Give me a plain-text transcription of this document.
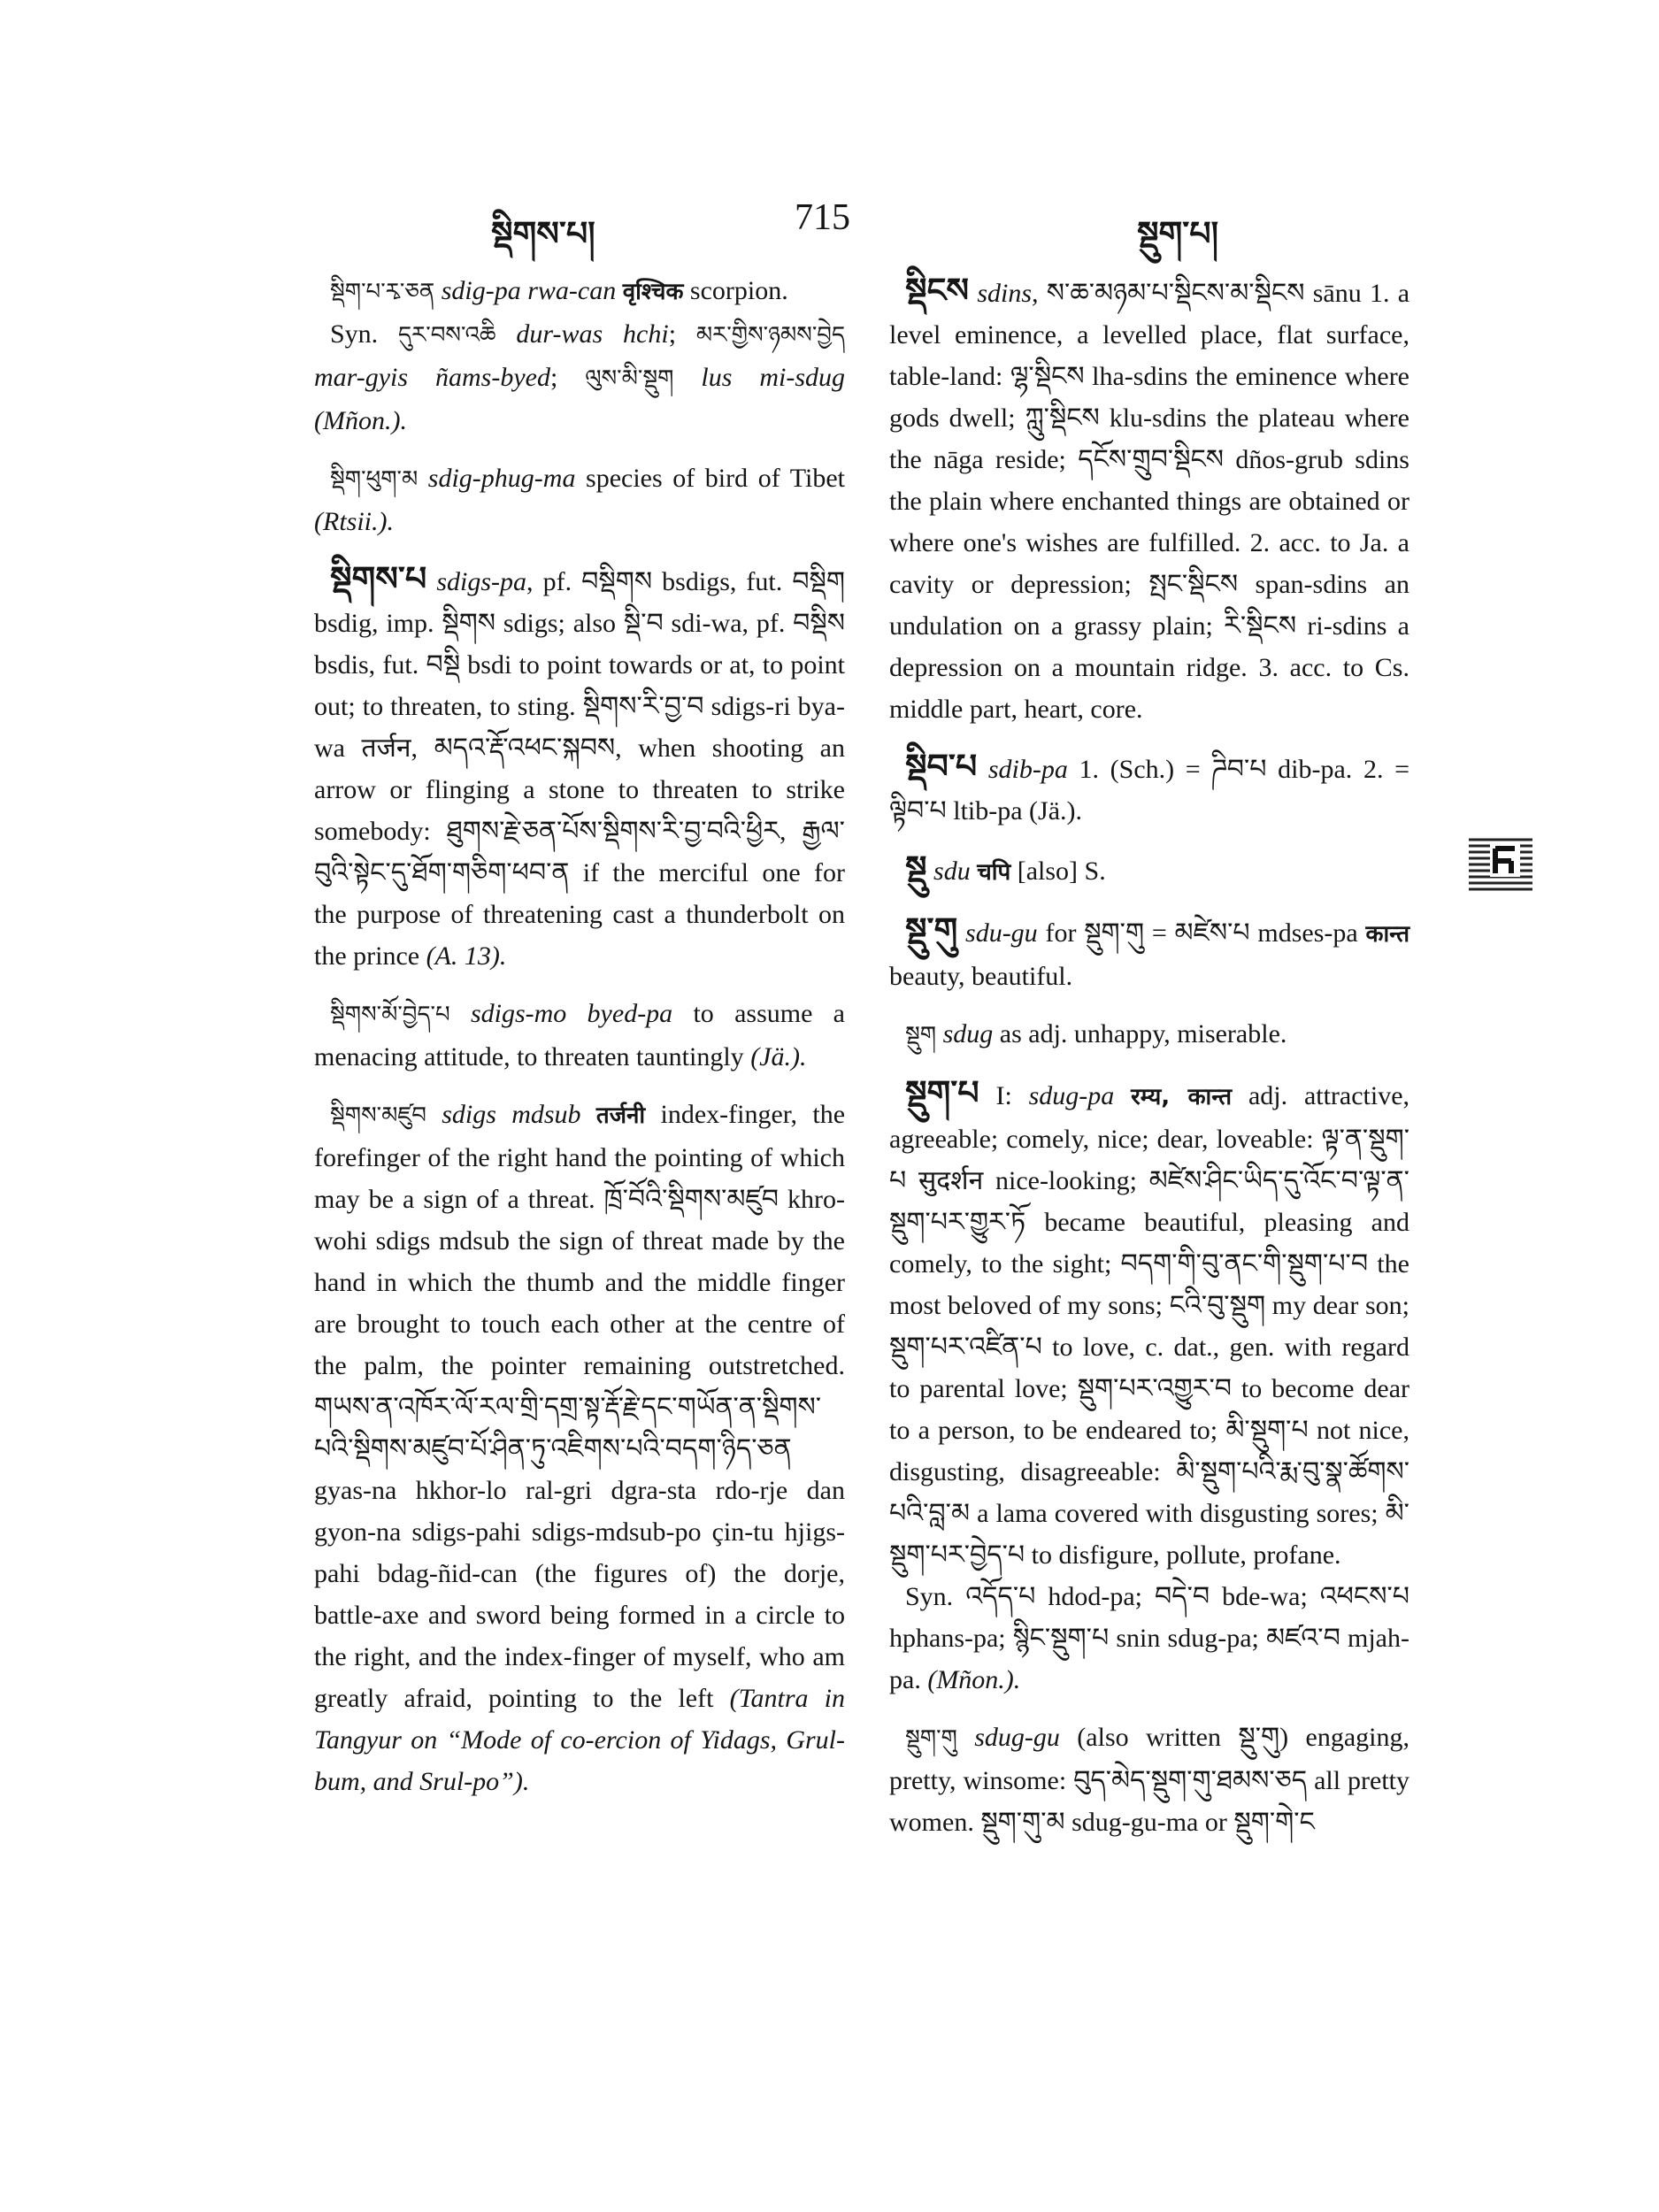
སྡིགས་པ།	715	སྡུག་པ།

སྡིག་པ་རྭ་ཅན sdig-pa rwa-can वृश्चिक scorpion.

Syn. དུར་བས་འཆི dur-was hchi; མར་གྱིས་ཉམས་བྱེད mar-gyis ñams-byed; ལུས་མི་སྡུག lus mi-sdug (Mñon.).

སྡིག་ཕུག་མ sdig-phug-ma species of bird of Tibet (Rtsii.).

སྡིགས་པ sdigs-pa, pf. བསྡིགས bsdigs, fut. བསྡིག bsdig, imp. སྡིགས sdigs; also སྡི་བ sdi-wa, pf. བསྡིས bsdis, fut. བསྡི bsdi to point towards or at, to point out; to threaten, to sting. སྡིགས་རི་བྱ་བ sdigs-ri bya-wa तर्जन, མདའ་རྡོ་འཕང་སྐབས, when shooting an arrow or flinging a stone to threaten to strike somebody: ཐུགས་རྗེ་ཅན་པོས་སྡིགས་རི་བྱ་བའི་ཕྱིར, རྒྱལ་བུའི་སྟེང་དུ་ཐོག་གཅིག་ཕབ་ན if the merciful one for the purpose of threatening cast a thunderbolt on the prince (A. 13).

སྡིགས་མོ་བྱེད་པ sdigs-mo byed-pa to assume a menacing attitude, to threaten tauntingly (Jä.).

སྡིགས་མཛུབ sdigs mdsub तर्जनी index-finger, the forefinger of the right hand the pointing of which may be a sign of a threat. ཁྲོ་བོའི་སྡིགས་མཛུབ khro-wohi sdigs mdsub the sign of threat made by the hand in which the thumb and the middle finger are brought to touch each other at the centre of the palm, the pointer remaining outstretched. གཡས་ན་འཁོར་ལོ་རལ་གྲི་དགྲ་སྟ་རྡོ་རྗེ་དང་གཡོན་ན་སྡིགས་པའི་སྡིགས་མཛུབ་པོ་ཤིན་ཏུ་འཇིགས་པའི་བདག་ཉིད་ཅན gyas-na hkhor-lo ral-gri dgra-sta rdo-rje dan gyon-na sdigs-pahi sdigs-mdsub-po çin-tu hjigs-pahi bdag-ñid-can (the figures of) the dorje, battle-axe and sword being formed in a circle to the right, and the index-finger of myself, who am greatly afraid, pointing to the left (Tantra in Tangyur on “Mode of co-ercion of Yidags, Grul-bum, and Srul-po”).

སྡིངས sdins, ས་ཆ་མཉམ་པ་སྡིངས་མ་སྡིངས sānu 1. a level eminence, a levelled place, flat surface, table-land: ལྷ་སྡིངས lha-sdins the eminence where gods dwell; ཀླུ་སྡིངས klu-sdins the plateau where the nāga reside; དངོས་གྲུབ་སྡིངས dños-grub sdins the plain where enchanted things are obtained or where one's wishes are fulfilled. 2. acc. to Ja. a cavity or depression; སྤང་སྡིངས span-sdins an undulation on a grassy plain; རི་སྡིངས ri-sdins a depression on a mountain ridge. 3. acc. to Cs. middle part, heart, core.

སྡིབ་པ sdib-pa 1. (Sch.) = ཌིབ་པ dib-pa. 2. = ལྟིབ་པ ltib-pa (Jä.).

སྡུ sdu चपि [also] S.

སྡུ་གུ sdu-gu for སྡུག་གུ = མཛེས་པ mdses-pa कान्त beauty, beautiful.

སྡུག sdug as adj. unhappy, miserable.

སྡུག་པ I: sdug-pa रम्य, कान्त adj. attractive, agreeable; comely, nice; dear, loveable: ལྟ་ན་སྡུག་པ सुदर्शन nice-looking; མཛེས་ཤིང་ཡིད་དུ་འོང་བ་ལྟ་ན་སྡུག་པར་གྱུར་ཏོ became beautiful, pleasing and comely, to the sight; བདག་གི་བུ་ནང་གི་སྡུག་པ་བ the most beloved of my sons; ངའི་བུ་སྡུག my dear son; སྡུག་པར་འཛིན་པ to love, c. dat., gen. with regard to parental love; སྡུག་པར་འགྱུར་བ to become dear to a person, to be endeared to; མི་སྡུག་པ not nice, disgusting, disagreeable: མི་སྡུག་པའི་རྨ་བུ་སྣ་ཚོགས་པའི་བླ་མ a lama covered with disgusting sores; མི་སྡུག་པར་བྱེད་པ to disfigure, pollute, profane.

Syn. འདོད་པ hdod-pa; བདེ་བ bde-wa; འཕངས་པ hphans-pa; སྙིང་སྡུག་པ snin sdug-pa; མཛའ་བ mjah-pa. (Mñon.).

སྡུག་གུ sdug-gu (also written སྡུ་གུ) engaging, pretty, winsome: བུད་མེད་སྡུག་གུ་ཐམས་ཅད all pretty women. སྡུག་གུ་མ sdug-gu-ma or སྡུག་གེ་ང
